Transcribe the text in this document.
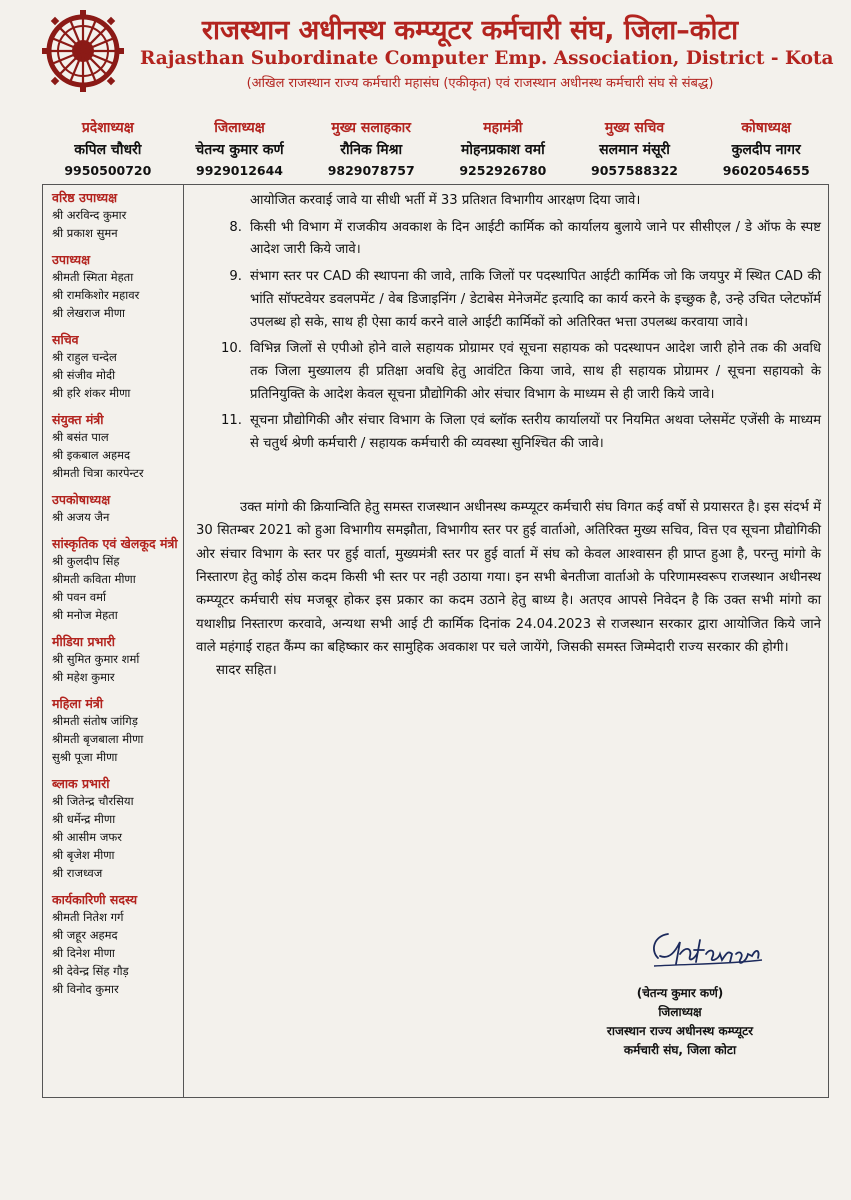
राजस्थान अधीनस्थ कम्प्यूटर कर्मचारी संघ, जिला–कोटा
Rajasthan Subordinate Computer Emp. Association, District - Kota
(अखिल राजस्थान राज्य कर्मचारी महासंघ (एकीकृत) एवं राजस्थान अधीनस्थ कर्मचारी संघ से संबद्ध)
प्रदेशाध्यक्ष
कपिल चौधरी
9950500720
जिलाध्यक्ष
चेतन्य कुमार कर्ण
9929012644
मुख्य सलाहकार
रौनिक मिश्रा
9829078757
महामंत्री
मोहनप्रकाश वर्मा
9252926780
मुख्य सचिव
सलमान मंसूरी
9057588322
कोषाध्यक्ष
कुलदीप नागर
9602054655
वरिष्ठ उपाध्यक्ष
श्री अरविन्द कुमार
श्री प्रकाश सुमन
उपाध्यक्ष
श्रीमती स्मिता मेहता
श्री रामकिशोर महावर
श्री लेखराज मीणा
सचिव
श्री राहुल चन्देल
श्री संजीव मोदी
श्री हरि शंकर मीणा
संयुक्त मंत्री
श्री बसंत पाल
श्री इकबाल अहमद
श्रीमती चित्रा कारपेन्टर
उपकोषाध्यक्ष
श्री अजय जैन
सांस्कृतिक एवं खेलकूद मंत्री
श्री कुलदीप सिंह
श्रीमती कविता मीणा
श्री पवन वर्मा
श्री मनोज मेहता
मीडिया प्रभारी
श्री सुमित कुमार शर्मा
श्री महेश कुमार
महिला मंत्री
श्रीमती संतोष जांगिड़
श्रीमती बृजबाला मीणा
सुश्री पूजा मीणा
ब्लाक प्रभारी
श्री जितेन्द्र चौरसिया
श्री धर्मेन्द्र मीणा
श्री आसीम जफर
श्री बृजेश मीणा
श्री राजध्वज
कार्यकारिणी सदस्य
श्रीमती नितेश गर्ग
श्री जहूर अहमद
श्री दिनेश मीणा
श्री देवेन्द्र सिंह गौड़
श्री विनोद कुमार
आयोजित करवाई जावे या सीधी भर्ती में 33 प्रतिशत विभागीय आरक्षण दिया जावे।
8. किसी भी विभाग में राजकीय अवकाश के दिन आईटी कार्मिक को कार्यालय बुलाये जाने पर सीसीएल / डे ऑफ के स्पष्ट आदेश जारी किये जावे।
9. संभाग स्तर पर CAD की स्थापना की जावे, ताकि जिलों पर पदस्थापित आईटी कार्मिक जो कि जयपुर में स्थित CAD की भांति सॉफ्टवेयर डवलपमेंट / वेब डिजाइनिंग / डेटाबेस मेनेजमेंट इत्यादि का कार्य करने के इच्छुक है, उन्हे उचित प्लेटफॉर्म उपलब्ध हो सके, साथ ही ऐसा कार्य करने वाले आईटी कार्मिकों को अतिरिक्त भत्ता उपलब्ध करवाया जावे।
10. विभिन्न जिलों से एपीओ होने वाले सहायक प्रोग्रामर एवं सूचना सहायक को पदस्थापन आदेश जारी होने तक की अवधि तक जिला मुख्यालय ही प्रतिक्षा अवधि हेतु आवंटित किया जावे, साथ ही सहायक प्रोग्रामर / सूचना सहायको के प्रतिनियुक्ति के आदेश केवल सूचना प्रौद्योगिकी ओर संचार विभाग के माध्यम से ही जारी किये जावे।
11. सूचना प्रौद्योगिकी और संचार विभाग के जिला एवं ब्लॉक स्तरीय कार्यालयों पर नियमित अथवा प्लेसमेंट एजेंसी के माध्यम से चतुर्थ श्रेणी कर्मचारी / सहायक कर्मचारी की व्यवस्था सुनिश्चित की जावे।
उक्त मांगो की क्रियान्विति हेतु समस्त राजस्थान अधीनस्थ कम्प्यूटर कर्मचारी संघ विगत कई वर्षो से प्रयासरत है। इस संदर्भ में 30 सितम्बर 2021 को हुआ विभागीय समझौता, विभागीय स्तर पर हुई वार्ताओ, अतिरिक्त मुख्य सचिव, वित्त एव सूचना प्रौद्योगिकी ओर संचार विभाग के स्तर पर हुई वार्ता, मुख्यमंत्री स्तर पर हुई वार्ता में संघ को केवल आश्वासन ही प्राप्त हुआ है, परन्तु मांगो के निस्तारण हेतु कोई ठोस कदम किसी भी स्तर पर नही उठाया गया। इन सभी बेनतीजा वार्ताओ के परिणामस्वरूप राजस्थान अधीनस्थ कम्प्यूटर कर्मचारी संघ मजबूर होकर इस प्रकार का कदम उठाने हेतु बाध्य है। अतएव आपसे निवेदन है कि उक्त सभी मांगो का यथाशीघ्र निस्तारण करवावे, अन्यथा सभी आई टी कार्मिक दिनांक 24.04.2023 से राजस्थान सरकार द्वारा आयोजित किये जाने वाले महंगाई राहत कैंम्प का बहिष्कार कर सामुहिक अवकाश पर चले जायेंगे, जिसकी समस्त जिम्मेदारी राज्य सरकार की होगी।
सादर सहित।
(चेतन्य कुमार कर्ण)
जिलाध्यक्ष
राजस्थान राज्य अधीनस्थ कम्प्यूटर
कर्मचारी संघ, जिला कोटा
